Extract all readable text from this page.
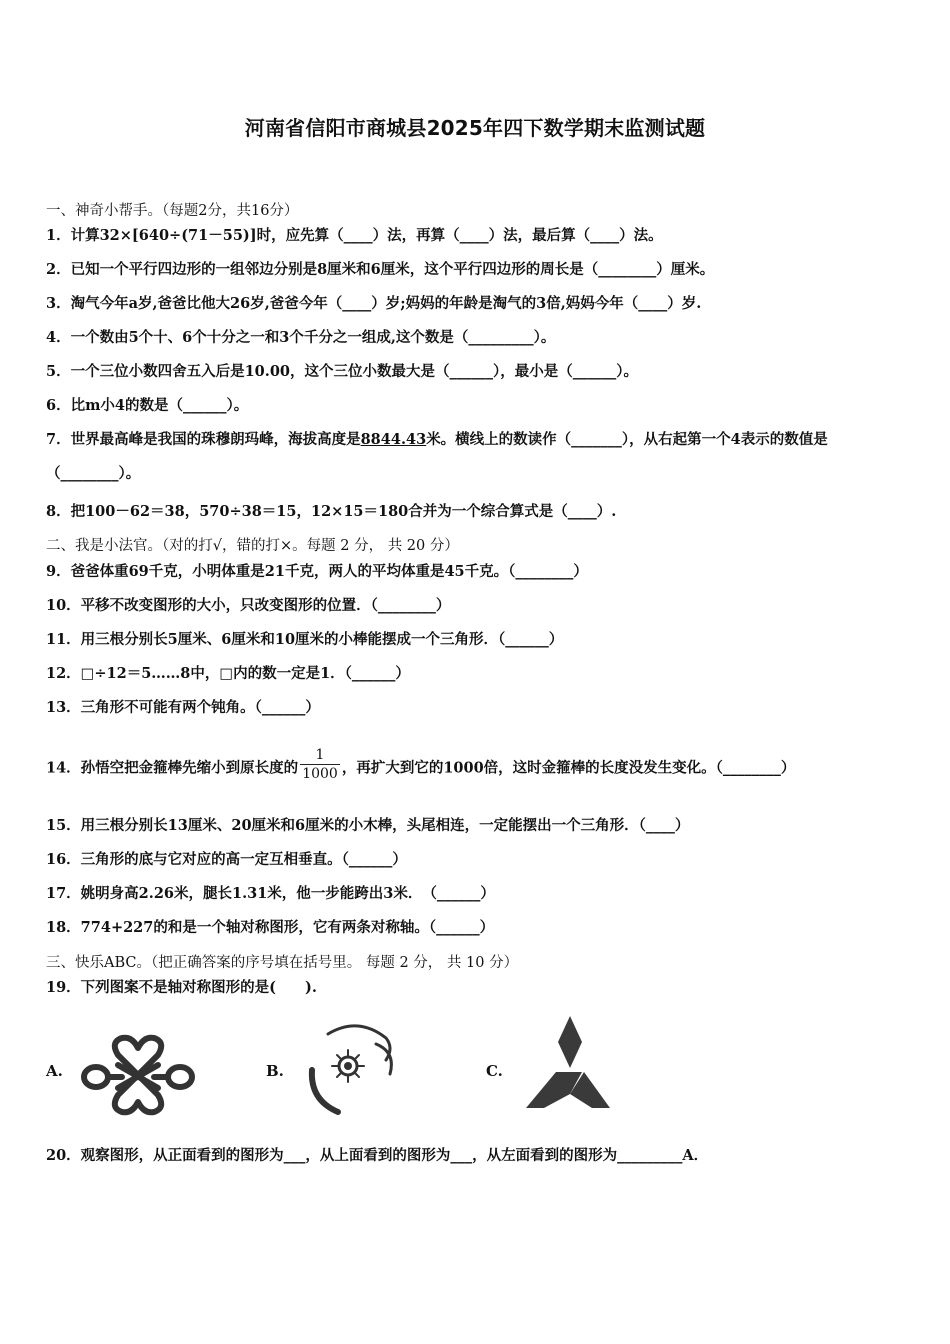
河南省信阳市商城县2025年四下数学期末监测试题
一、神奇小帮手。（每题2分，共16分）
1．计算32×[640÷(71－55)]时，应先算（____）法，再算（____）法，最后算（____）法。
2．已知一个平行四边形的一组邻边分别是8厘米和6厘米，这个平行四边形的周长是（________）厘米。
3．淘气今年a岁,爸爸比他大26岁,爸爸今年（____）岁;妈妈的年龄是淘气的3倍,妈妈今年（____）岁.
4．一个数由5个十、6个十分之一和3个千分之一组成,这个数是（_________）。
5．一个三位小数四舍五入后是10.00，这个三位小数最大是（______），最小是（______）。
6．比m小4的数是（______）。
7．世界最高峰是我国的珠穆朗玛峰，海拔高度是8844.43米。横线上的数读作（_______），从右起第一个4表示的数值是（________）。
8．把100－62＝38，570÷38＝15，12×15＝180合并为一个综合算式是（____）.
二、我是小法官。（对的打√，错的打×。每题 2 分， 共 20 分）
9．爸爸体重69千克，小明体重是21千克，两人的平均体重是45千克。（________）
10．平移不改变图形的大小，只改变图形的位置．（________）
11．用三根分别长5厘米、6厘米和10厘米的小棒能摆成一个三角形．（______）
12．□÷12＝5……8中，□内的数一定是1．（______）
13．三角形不可能有两个钝角。（______）
14．孙悟空把金箍棒先缩小到原长度的 $\frac{1}{1000}$ ，再扩大到它的1000倍，这时金箍棒的长度没发生变化。（________）
15．用三根分别长13厘米、20厘米和6厘米的小木棒，头尾相连，一定能摆出一个三角形．（____）
16．三角形的底与它对应的高一定互相垂直。（______）
17．姚明身高2.26米，腿长1.31米，他一步能跨出3米．　（______）
18．774+227的和是一个轴对称图形，它有两条对称轴。（______）
三、快乐ABC。（把正确答案的序号填在括号里。 每题 2 分， 共 10 分）
19．下列图案不是轴对称图形的是(　　).
A.	B.	C.
20．观察图形，从正面看到的图形为___，从上面看到的图形为___，从左面看到的图形为_________A．
